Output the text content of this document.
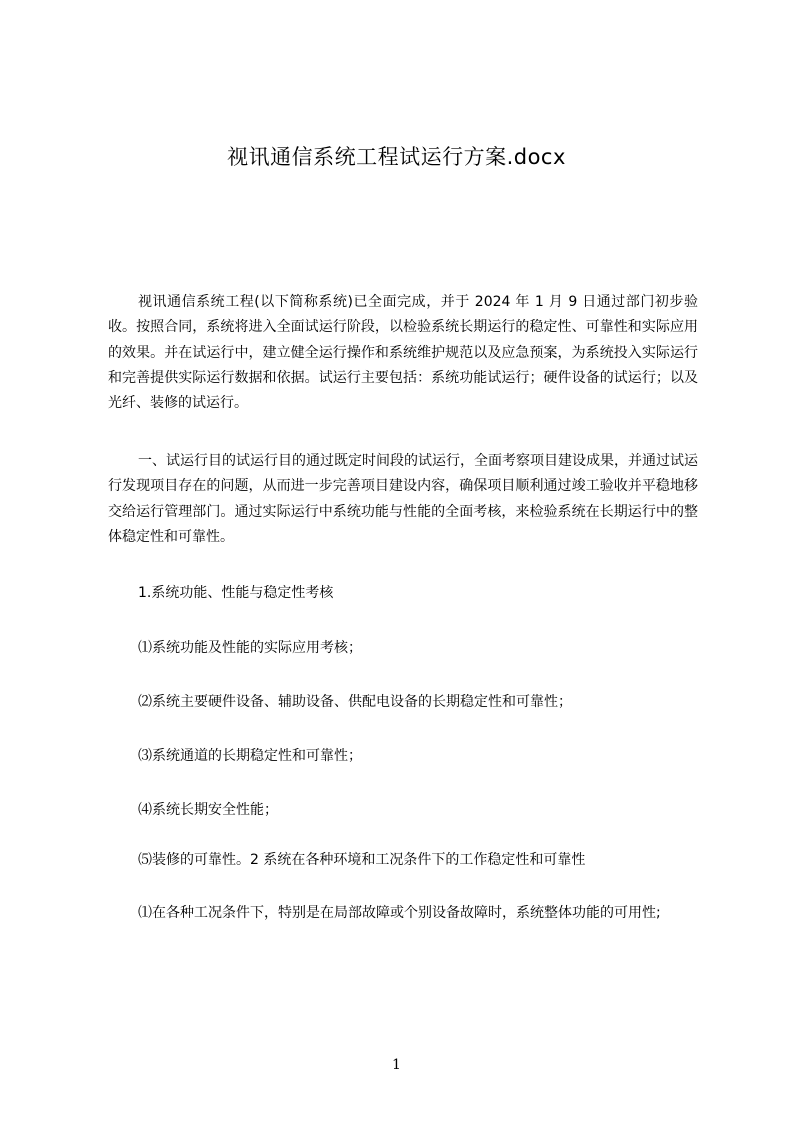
视讯通信系统工程试运行方案.docx

视讯通信系统工程(以下简称系统)已全面完成，并于 2024 年 1 月 9 日通过部门初步验收。按照合同，系统将进入全面试运行阶段，以检验系统长期运行的稳定性、可靠性和实际应用的效果。并在试运行中，建立健全运行操作和系统维护规范以及应急预案，为系统投入实际运行和完善提供实际运行数据和依据。试运行主要包括：系统功能试运行；硬件设备的试运行；以及光纤、装修的试运行。

一、试运行目的试运行目的通过既定时间段的试运行，全面考察项目建设成果，并通过试运行发现项目存在的问题，从而进一步完善项目建设内容，确保项目顺利通过竣工验收并平稳地移交给运行管理部门。通过实际运行中系统功能与性能的全面考核，来检验系统在长期运行中的整体稳定性和可靠性。

1.系统功能、性能与稳定性考核

⑴系统功能及性能的实际应用考核；

⑵系统主要硬件设备、辅助设备、供配电设备的长期稳定性和可靠性；

⑶系统通道的长期稳定性和可靠性；

⑷系统长期安全性能；

⑸装修的可靠性。2 系统在各种环境和工况条件下的工作稳定性和可靠性

⑴在各种工况条件下，特别是在局部故障或个别设备故障时，系统整体功能的可用性;

1
